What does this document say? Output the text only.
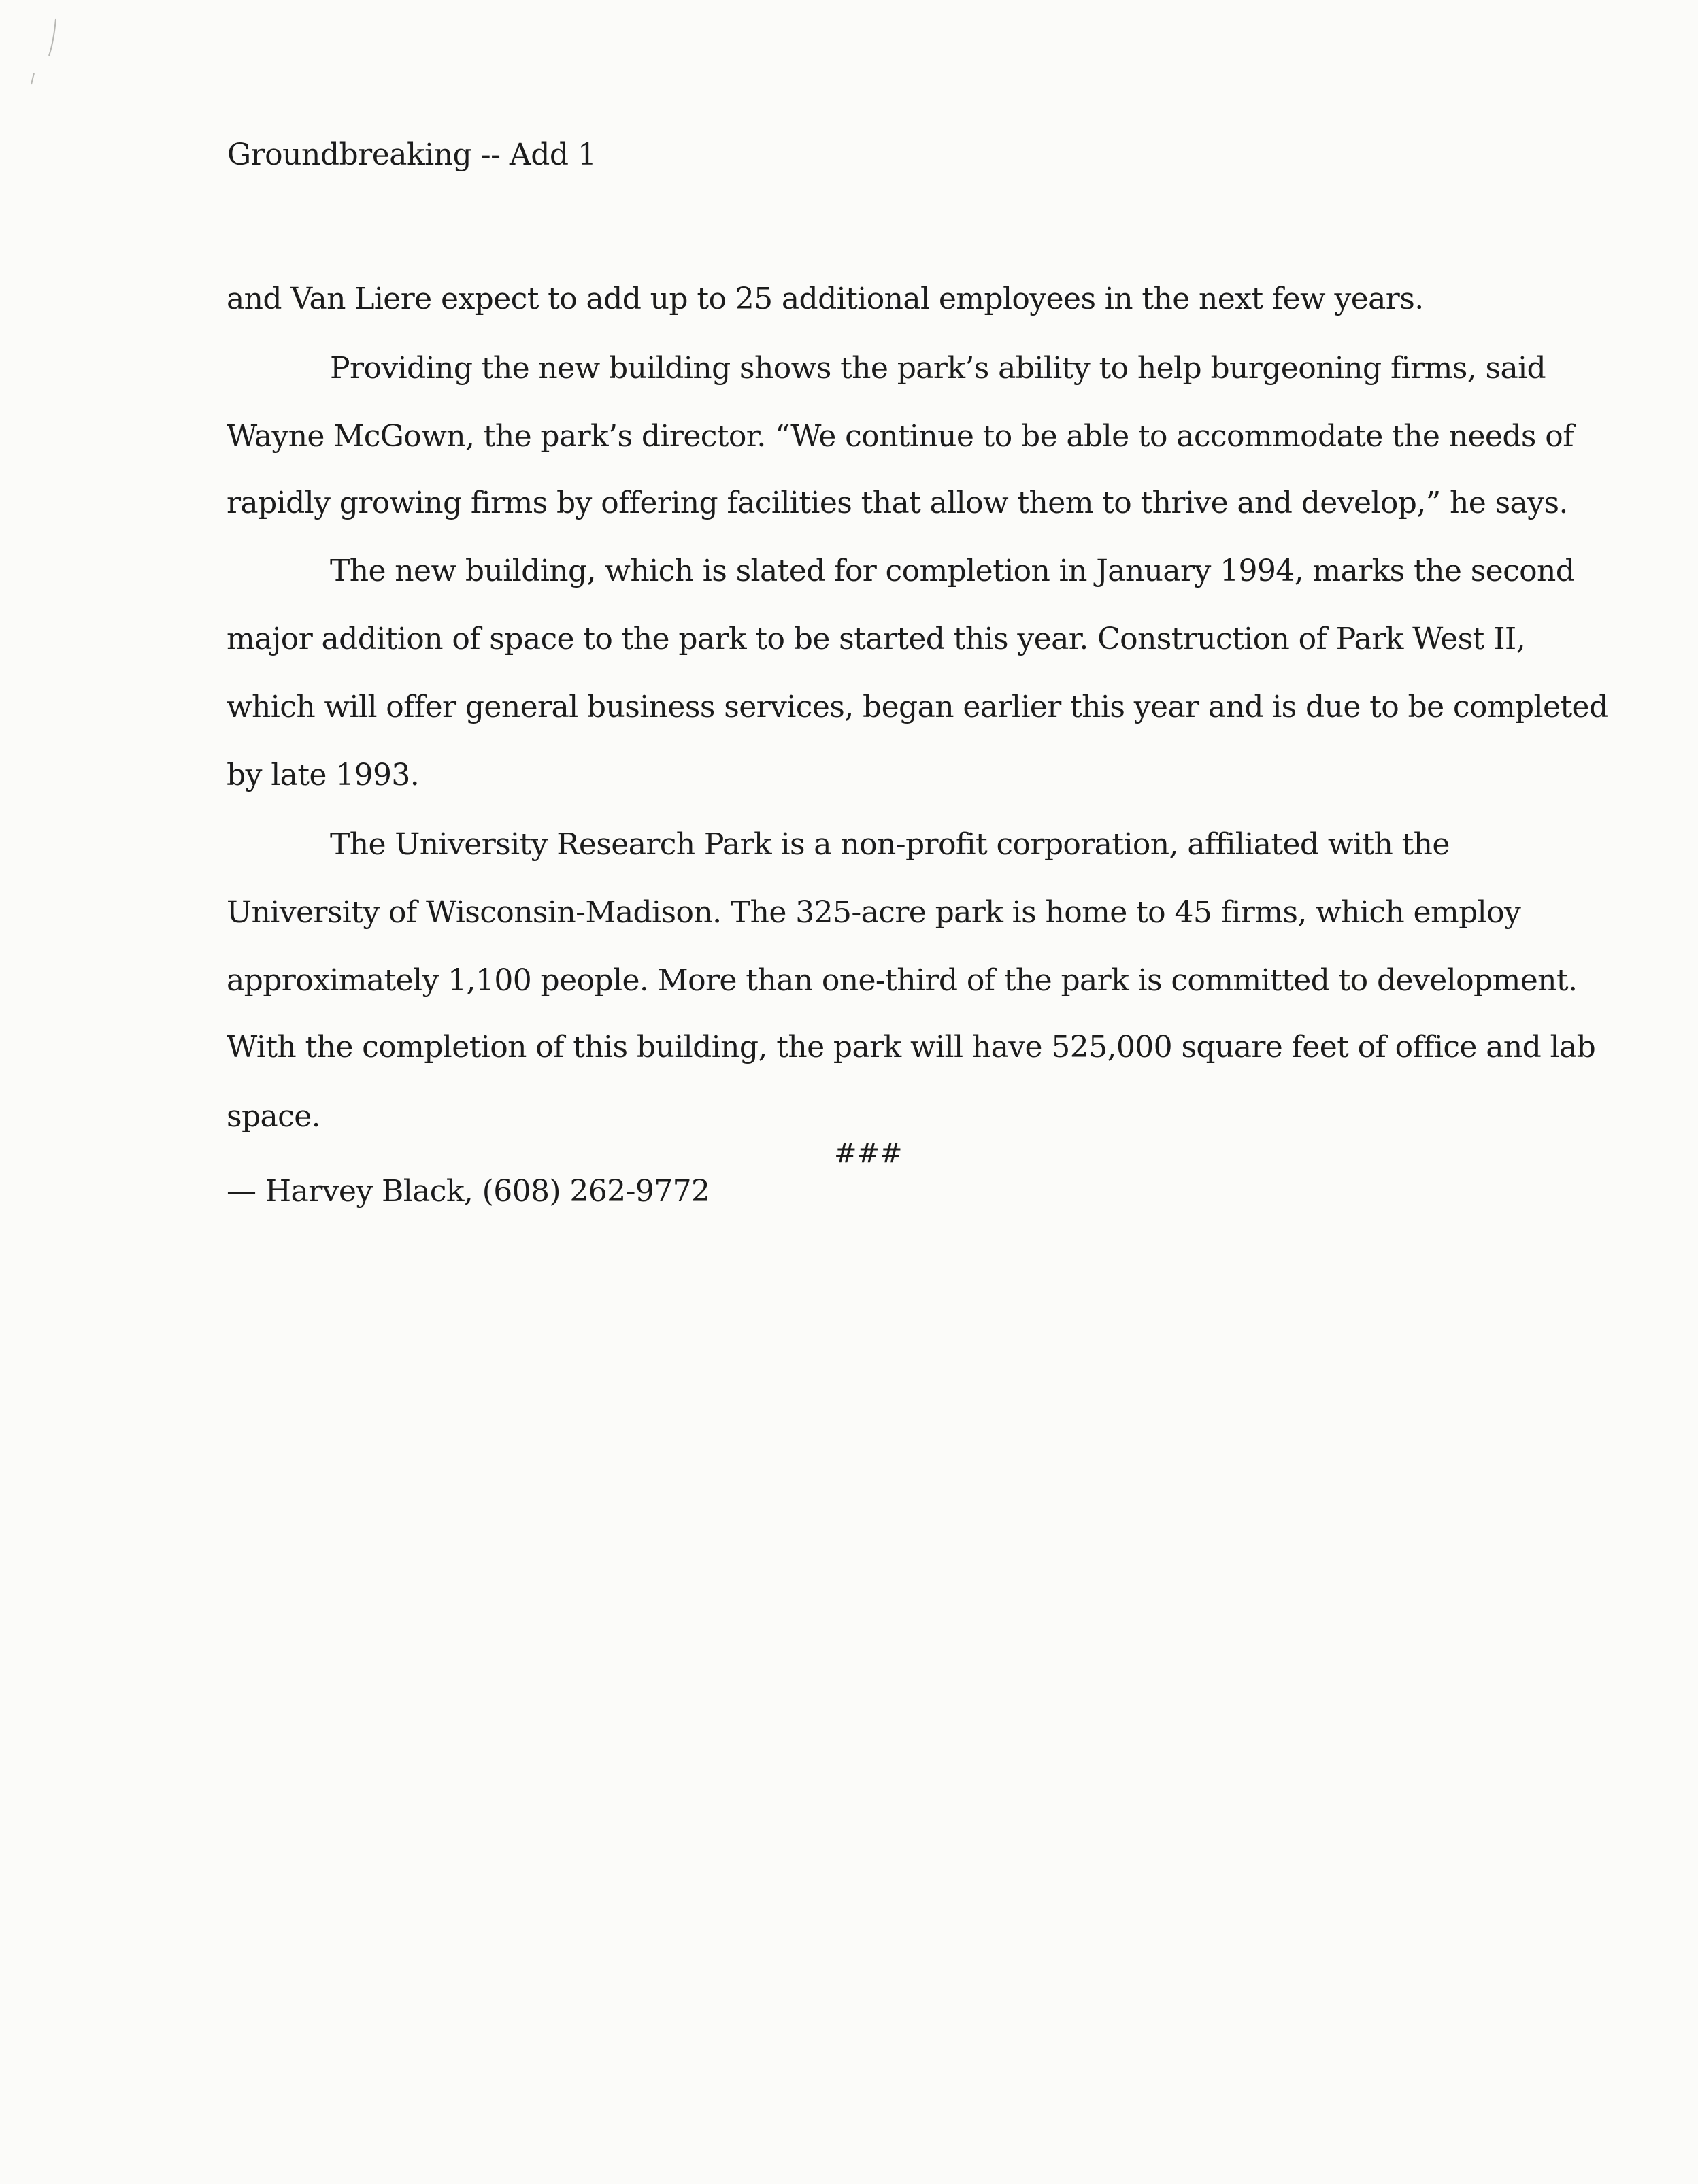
Groundbreaking -- Add 1
and Van Liere expect to add up to 25 additional employees in the next few years.
Providing the new building shows the park’s ability to help burgeoning firms, said
Wayne McGown, the park’s director. “We continue to be able to accommodate the needs of
rapidly growing firms by offering facilities that allow them to thrive and develop,” he says.
The new building, which is slated for completion in January 1994, marks the second
major addition of space to the park to be started this year. Construction of Park West II,
which will offer general business services, began earlier this year and is due to be completed
by late 1993.
The University Research Park is a non-profit corporation, affiliated with the
University of Wisconsin-Madison. The 325-acre park is home to 45 firms, which employ
approximately 1,100 people. More than one-third of the park is committed to development.
With the completion of this building, the park will have 525,000 square feet of office and lab
space.
###
— Harvey Black, (608) 262-9772
